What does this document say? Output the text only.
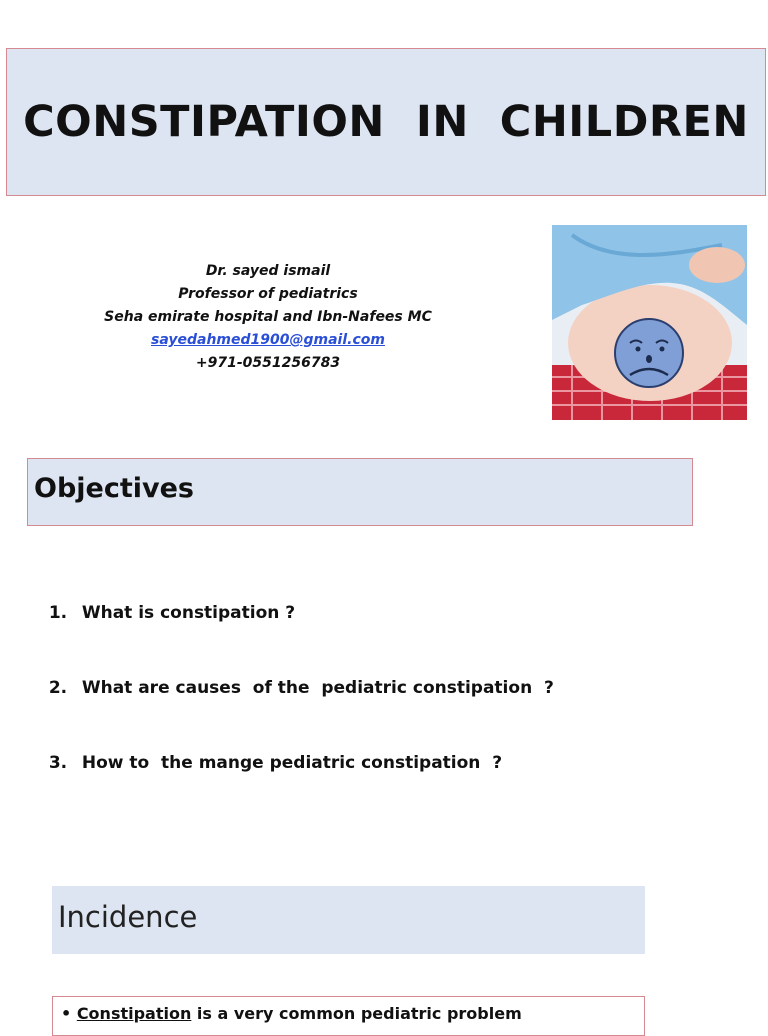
CONSTIPATION  IN  CHILDREN
Dr. sayed ismail
Professor of pediatrics
Seha emirate hospital and Ibn-Nafees MC
sayedahmed1900@gmail.com
+971-0551256783
Objectives

1. What is constipation ?

2. What are causes  of the  pediatric constipation  ?

3. How to  the mange pediatric constipation  ?

Incidence
• Constipation is a very common pediatric problem
